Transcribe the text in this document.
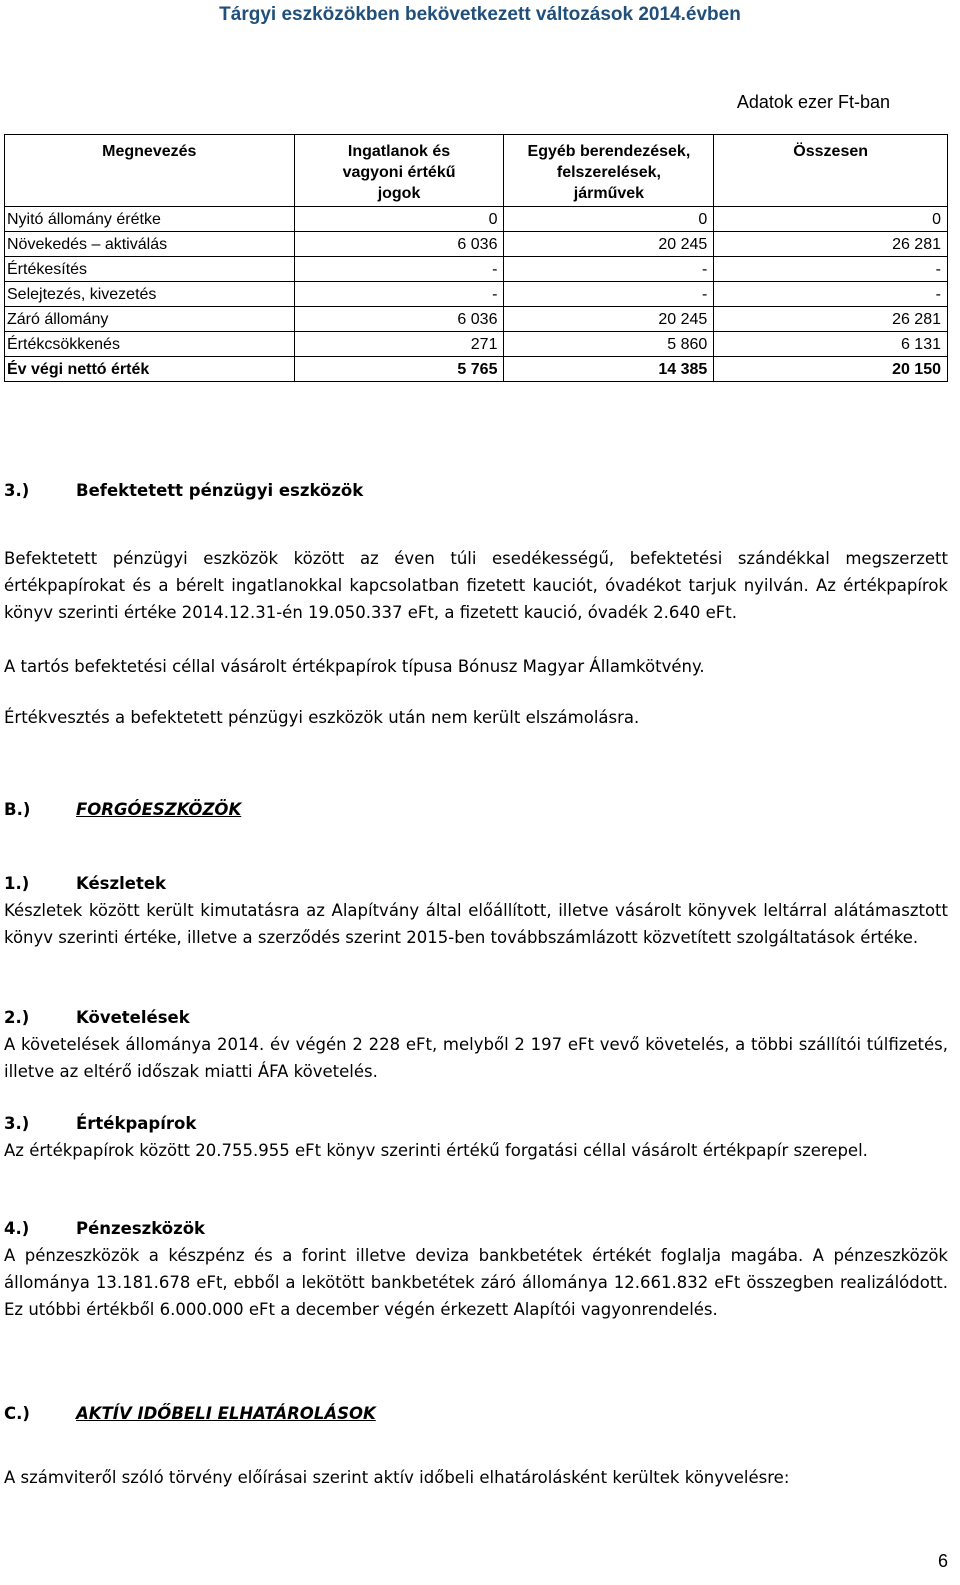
Tárgyi eszközökben bekövetkezett változások 2014.évben
Adatok ezer Ft-ban
Megnevezés	Ingatlanok és vagyoni értékű jogok	Egyéb berendezések, felszerelések, járművek	Összesen
Nyitó állomány érétke	0	0	0
Növekedés – aktiválás	6 036	20 245	26 281
Értékesítés	-	-	-
Selejtezés, kivezetés	-	-	-
Záró állomány	6 036	20 245	26 281
Értékcsökkenés	271	5 860	6 131
Év végi nettó érték	5 765	14 385	20 150
3.)	Befektetett pénzügyi eszközök
Befektetett pénzügyi eszközök között az éven túli esedékességű, befektetési szándékkal megszerzett értékpapírokat és a bérelt ingatlanokkal kapcsolatban fizetett kauciót, óvadékot tarjuk nyilván. Az értékpapírok könyv szerinti értéke 2014.12.31-én 19.050.337 eFt, a fizetett kaució, óvadék 2.640 eFt.
A tartós befektetési céllal vásárolt értékpapírok típusa Bónusz Magyar Államkötvény.
Értékvesztés a befektetett pénzügyi eszközök után nem került elszámolásra.
B.)	FORGÓESZKÖZÖK
1.)	Készletek
Készletek között került kimutatásra az Alapítvány által előállított, illetve vásárolt könyvek leltárral alátámasztott könyv szerinti értéke, illetve a szerződés szerint 2015-ben továbbszámlázott közvetített szolgáltatások értéke.
2.)	Követelések
A követelések állománya 2014. év végén 2 228 eFt, melyből 2 197 eFt vevő követelés, a többi szállítói túlfizetés, illetve az eltérő időszak miatti ÁFA követelés.
3.)	Értékpapírok
Az értékpapírok között 20.755.955 eFt könyv szerinti értékű forgatási céllal vásárolt értékpapír szerepel.
4.)	Pénzeszközök
A pénzeszközök a készpénz és a forint illetve deviza bankbetétek értékét foglalja magába. A pénzeszközök állománya 13.181.678 eFt, ebből a lekötött bankbetétek záró állománya 12.661.832 eFt összegben realizálódott. Ez utóbbi értékből 6.000.000 eFt a december végén érkezett Alapítói vagyonrendelés.
C.)	AKTÍV IDŐBELI ELHATÁROLÁSOK
A számviteről szóló törvény előírásai szerint aktív időbeli elhatárolásként kerültek könyvelésre:
6
